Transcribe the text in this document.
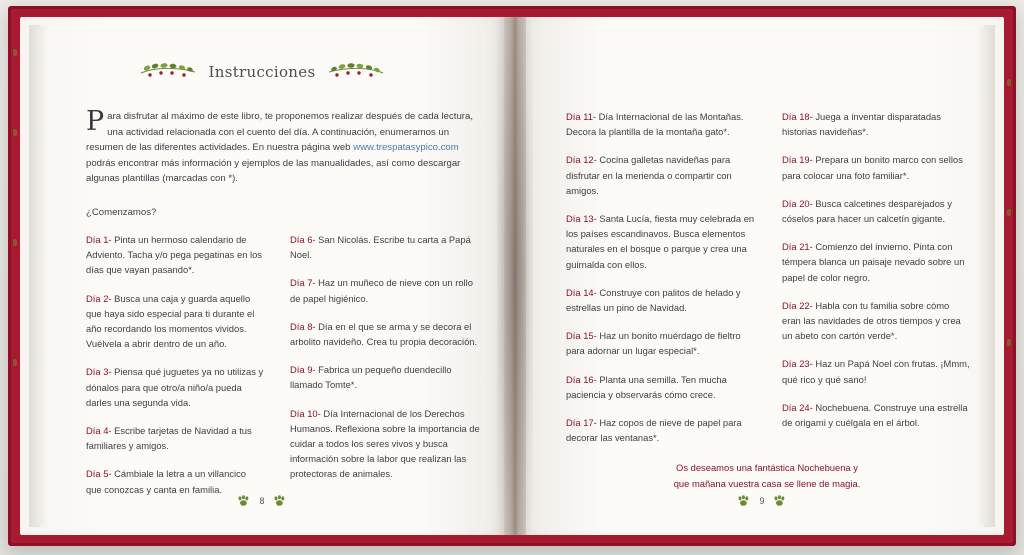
Instrucciones
Para disfrutar al máximo de este libro, te proponemos realizar después de cada lectura, una actividad relacionada con el cuento del día. A continuación, enumeramos un resumen de las diferentes actividades. En nuestra página web www.trespatasypico.com podrás encontrar más información y ejemplos de las manualidades, así como descargar algunas plantillas (marcadas con *).
¿Comenzamos?
Día 1- Pinta un hermoso calendario de Adviento. Tacha y/o pega pegatinas en los días que vayan pasando*.
Día 2- Busca una caja y guarda aquello que haya sido especial para ti durante el año recordando los momentos vividos. Vuélvela a abrir dentro de un año.
Día 3- Piensa qué juguetes ya no utilizas y dónalos para que otro/a niño/a pueda darles una segunda vida.
Día 4- Escribe tarjetas de Navidad a tus familiares y amigos.
Día 5- Cámbiale la letra a un villancico que conozcas y canta en familia.
Día 6- San Nicolás. Escribe tu carta a Papá Noel.
Día 7- Haz un muñeco de nieve con un rollo de papel higiénico.
Día 8- Día en el que se arma y se decora el arbolito navideño. Crea tu propia decoración.
Día 9- Fabrica un pequeño duendecillo llamado Tomte*.
Día 10- Día Internacional de los Derechos Humanos. Reflexiona sobre la importancia de cuidar a todos los seres vivos y busca información sobre la labor que realizan las protectoras de animales.
8
Día 11- Día Internacional de las Montañas. Decora la plantilla de la montaña gato*.
Día 12- Cocina galletas navideñas para disfrutar en la merienda o compartir con amigos.
Día 13- Santa Lucía, fiesta muy celebrada en los países escandinavos. Busca elementos naturales en el bosque o parque y crea una guirnalda con ellos.
Día 14- Construye con palitos de helado y estrellas un pino de Navidad.
Día 15- Haz un bonito muérdago de fieltro para adornar un lugar especial*.
Día 16- Planta una semilla. Ten mucha paciencia y observarás cómo crece.
Día 17- Haz copos de nieve de papel para decorar las ventanas*.
Día 18- Juega a inventar disparatadas historias navideñas*.
Día 19- Prepara un bonito marco con sellos para colocar una foto familiar*.
Día 20- Busca calcetines desparejados y cóselos para hacer un calcetín gigante.
Día 21- Comienzo del invierno. Pinta con témpera blanca un paisaje nevado sobre un papel de color negro.
Día 22- Habla con tu familia sobre cómo eran las navidades de otros tiempos y crea un abeto con cartón verde*.
Día 23- Haz un Papá Noel con frutas. ¡Mmm, qué rico y qué sano!
Día 24- Nochebuena. Construye una estrella de origami y cuélgala en el árbol.
Os deseamos una fantástica Nochebuena y
que mañana vuestra casa se llene de magia.
9
